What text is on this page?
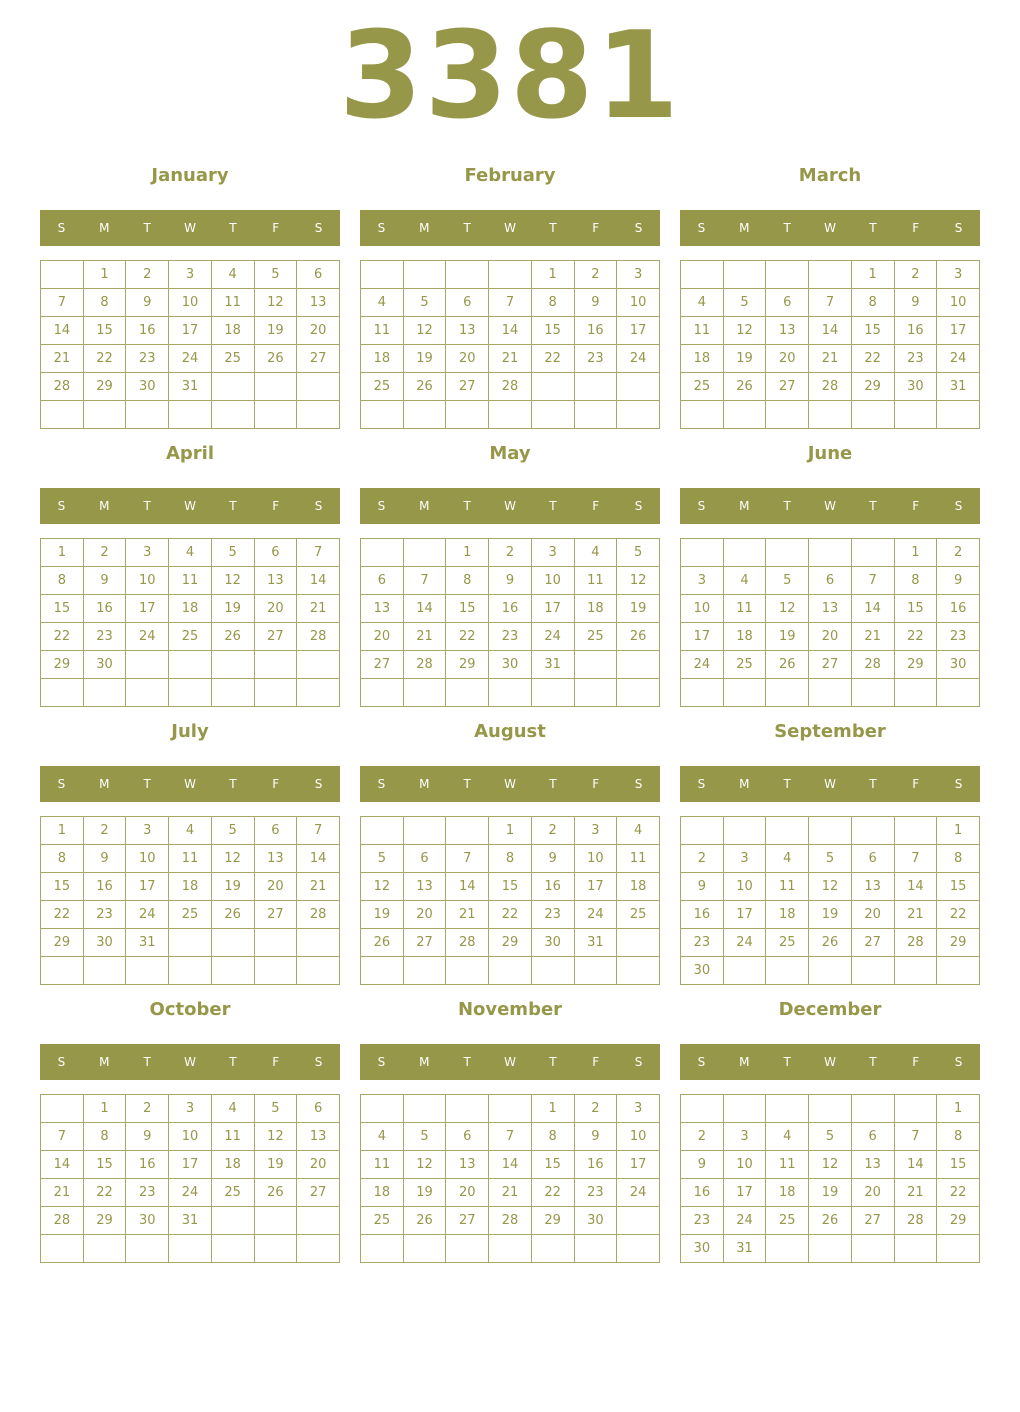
3381
January
S	M	T	W	T	F	S
	1	2	3	4	5	6
7	8	9	10	11	12	13
14	15	16	17	18	19	20
21	22	23	24	25	26	27
28	29	30	31			

February
S	M	T	W	T	F	S
				1	2	3
4	5	6	7	8	9	10
11	12	13	14	15	16	17
18	19	20	21	22	23	24
25	26	27	28			

March
S	M	T	W	T	F	S
				1	2	3
4	5	6	7	8	9	10
11	12	13	14	15	16	17
18	19	20	21	22	23	24
25	26	27	28	29	30	31

April
S	M	T	W	T	F	S
1	2	3	4	5	6	7
8	9	10	11	12	13	14
15	16	17	18	19	20	21
22	23	24	25	26	27	28
29	30					

May
S	M	T	W	T	F	S
		1	2	3	4	5
6	7	8	9	10	11	12
13	14	15	16	17	18	19
20	21	22	23	24	25	26
27	28	29	30	31		

June
S	M	T	W	T	F	S
					1	2
3	4	5	6	7	8	9
10	11	12	13	14	15	16
17	18	19	20	21	22	23
24	25	26	27	28	29	30

July
S	M	T	W	T	F	S
1	2	3	4	5	6	7
8	9	10	11	12	13	14
15	16	17	18	19	20	21
22	23	24	25	26	27	28
29	30	31				

August
S	M	T	W	T	F	S
			1	2	3	4
5	6	7	8	9	10	11
12	13	14	15	16	17	18
19	20	21	22	23	24	25
26	27	28	29	30	31	

September
S	M	T	W	T	F	S
						1
2	3	4	5	6	7	8
9	10	11	12	13	14	15
16	17	18	19	20	21	22
23	24	25	26	27	28	29
30						
October
S	M	T	W	T	F	S
	1	2	3	4	5	6
7	8	9	10	11	12	13
14	15	16	17	18	19	20
21	22	23	24	25	26	27
28	29	30	31			

November
S	M	T	W	T	F	S
				1	2	3
4	5	6	7	8	9	10
11	12	13	14	15	16	17
18	19	20	21	22	23	24
25	26	27	28	29	30	

December
S	M	T	W	T	F	S
						1
2	3	4	5	6	7	8
9	10	11	12	13	14	15
16	17	18	19	20	21	22
23	24	25	26	27	28	29
30	31					
